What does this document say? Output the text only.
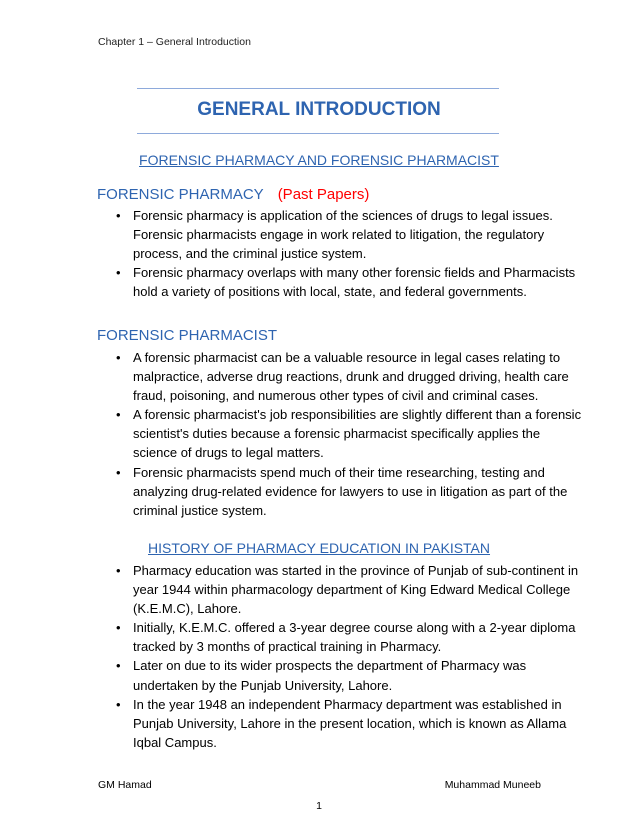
Chapter 1 – General Introduction
GENERAL INTRODUCTION
FORENSIC PHARMACY AND FORENSIC PHARMACIST
FORENSIC PHARMACY (Past Papers)
• Forensic pharmacy is application of the sciences of drugs to legal issues. Forensic pharmacists engage in work related to litigation, the regulatory process, and the criminal justice system.
• Forensic pharmacy overlaps with many other forensic fields and Pharmacists hold a variety of positions with local, state, and federal governments.
FORENSIC PHARMACIST
• A forensic pharmacist can be a valuable resource in legal cases relating to malpractice, adverse drug reactions, drunk and drugged driving, health care fraud, poisoning, and numerous other types of civil and criminal cases.
• A forensic pharmacist's job responsibilities are slightly different than a forensic scientist's duties because a forensic pharmacist specifically applies the science of drugs to legal matters.
• Forensic pharmacists spend much of their time researching, testing and analyzing drug-related evidence for lawyers to use in litigation as part of the criminal justice system.
HISTORY OF PHARMACY EDUCATION IN PAKISTAN
• Pharmacy education was started in the province of Punjab of sub-continent in year 1944 within pharmacology department of King Edward Medical College (K.E.M.C), Lahore.
• Initially, K.E.M.C. offered a 3-year degree course along with a 2-year diploma tracked by 3 months of practical training in Pharmacy.
• Later on due to its wider prospects the department of Pharmacy was undertaken by the Punjab University, Lahore.
• In the year 1948 an independent Pharmacy department was established in Punjab University, Lahore in the present location, which is known as Allama Iqbal Campus.
GM Hamad	Muhammad Muneeb
1
